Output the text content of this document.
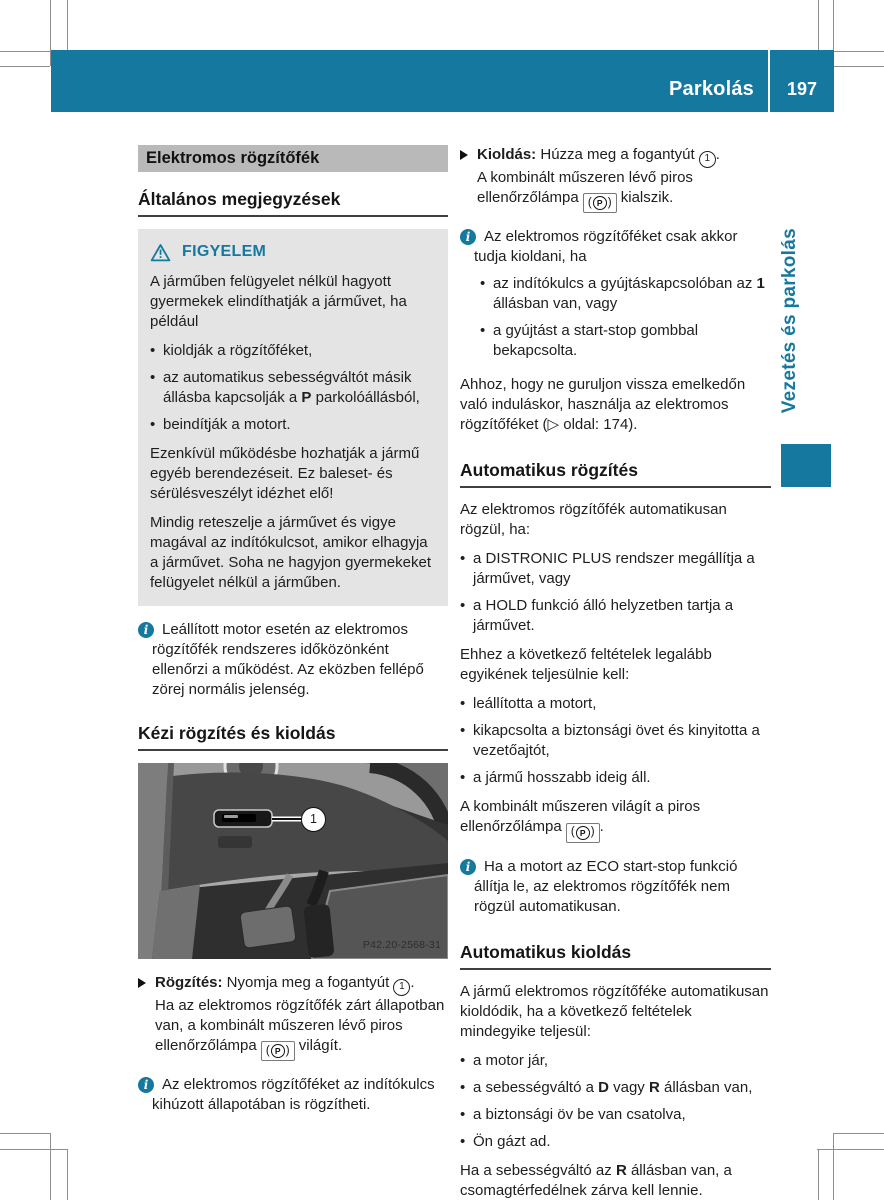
Parkolás	197
Vezetés és parkolás
Elektromos rögzítőfék
Általános megjegyzések
FIGYELEM

A járműben felügyelet nélkül hagyott gyermekek elindíthatják a járművet, ha például

• kioldják a rögzítőféket,
• az automatikus sebességváltót másik állásba kapcsolják a P parkolóállásból,
• beindítják a motort.

Ezenkívül működésbe hozhatják a jármű egyéb berendezéseit. Ez baleset- és sérülésveszélyt idézhet elő!

Mindig reteszelje a járművet és vigye magával az indítókulcsot, amikor elhagyja a járművet. Soha ne hagyjon gyermekeket felügyelet nélkül a járműben.

i Leállított motor esetén az elektromos rögzítőfék rendszeres időközönként ellenőrzi a működést. Az eközben fellépő zörej normális jelenség.
Kézi rögzítés és kioldás
1
P42.20-2568-31
Rögzítés: Nyomja meg a fogantyút 1 .
Ha az elektromos rögzítőfék zárt állapotban van, a kombinált műszeren lévő piros ellenőrzőlámpa ( P ) világít.
i Az elektromos rögzítőféket az indítókulcs kihúzott állapotában is rögzítheti.
Kioldás: Húzza meg a fogantyút 1 .
A kombinált műszeren lévő piros ellenőrzőlámpa ( P ) kialszik.
i Az elektromos rögzítőféket csak akkor tudja kioldani, ha
• az indítókulcs a gyújtáskapcsolóban az 1 állásban van, vagy
• a gyújtást a start-stop gombbal bekapcsolta.

Ahhoz, hogy ne guruljon vissza emelkedőn való induláskor, használja az elektromos rögzítőféket (▷ oldal: 174).

Automatikus rögzítés

Az elektromos rögzítőfék automatikusan rögzül, ha:

• a DISTRONIC PLUS rendszer megállítja a járművet, vagy
• a HOLD funkció álló helyzetben tartja a járművet.

Ehhez a következő feltételek legalább egyikének teljesülnie kell:

• leállította a motort,
• kikapcsolta a biztonsági övet és kinyitotta a vezetőajtót,
• a jármű hosszabb ideig áll.

A kombinált műszeren világít a piros ellenőrzőlámpa ( P ) .

i Ha a motort az ECO start-stop funkció állítja le, az elektromos rögzítőfék nem rögzül automatikusan.
Automatikus kioldás

A jármű elektromos rögzítőféke automatikusan kioldódik, ha a következő feltételek mindegyike teljesül:

• a motor jár,
• a sebességváltó a D vagy R állásban van,
• a biztonsági öv be van csatolva,
• Ön gázt ad.

Ha a sebességváltó az R állásban van, a csomagtérfedélnek zárva kell lennie.
